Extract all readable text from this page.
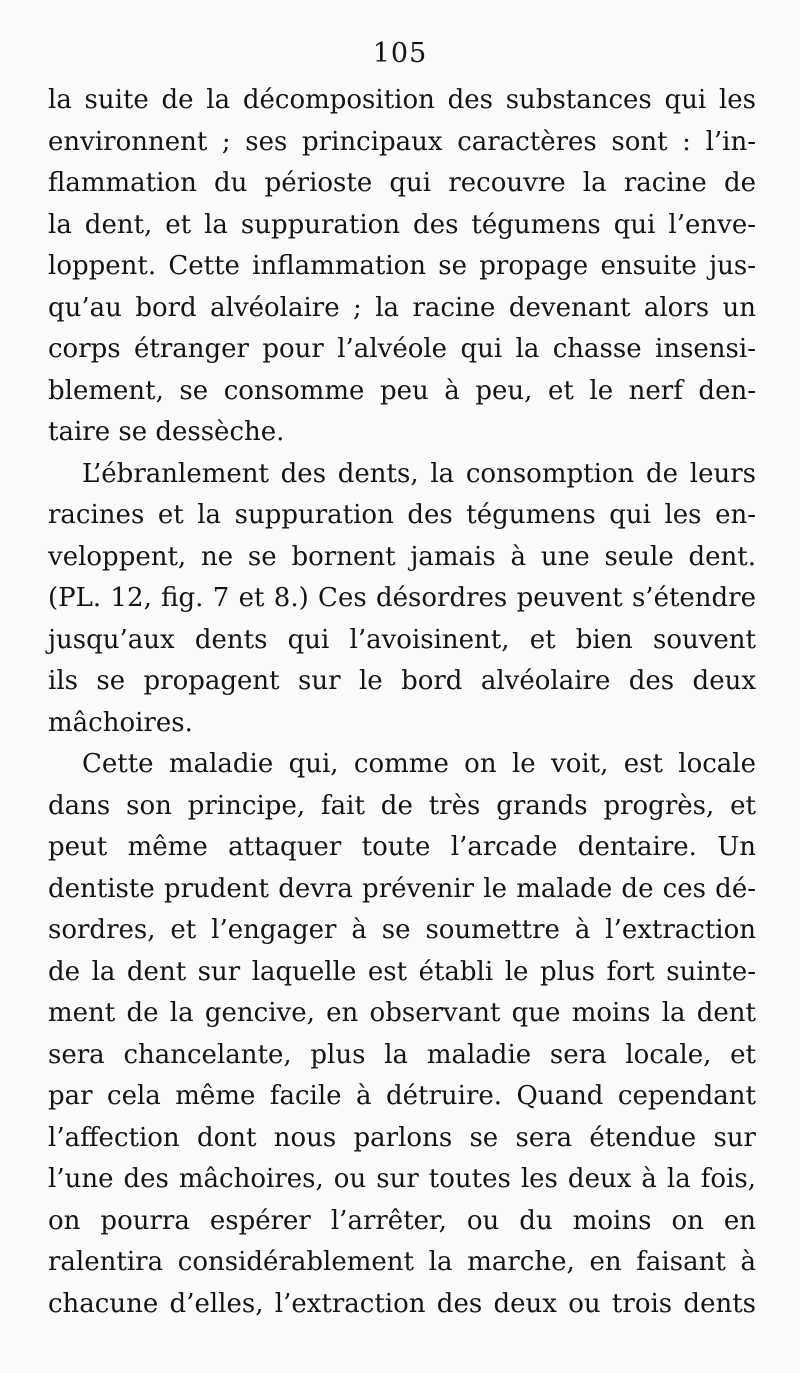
105
la suite de la décomposition des substances qui les
environnent ; ses principaux caractères sont : l’in-
flammation du périoste qui recouvre la racine de
la dent, et la suppuration des tégumens qui l’enve-
loppent. Cette inflammation se propage ensuite jus-
qu’au bord alvéolaire ; la racine devenant alors un
corps étranger pour l’alvéole qui la chasse insensi-
blement, se consomme peu à peu, et le nerf den-
taire se dessèche.
L’ébranlement des dents, la consomption de leurs
racines et la suppuration des tégumens qui les en-
veloppent, ne se bornent jamais à une seule dent.
(PL. 12, fig. 7 et 8.) Ces désordres peuvent s’étendre
jusqu’aux dents qui l’avoisinent, et bien souvent
ils se propagent sur le bord alvéolaire des deux
mâchoires.
Cette maladie qui, comme on le voit, est locale
dans son principe, fait de très grands progrès, et
peut même attaquer toute l’arcade dentaire. Un
dentiste prudent devra prévenir le malade de ces dé-
sordres, et l’engager à se soumettre à l’extraction
de la dent sur laquelle est établi le plus fort suinte-
ment de la gencive, en observant que moins la dent
sera chancelante, plus la maladie sera locale, et
par cela même facile à détruire. Quand cependant
l’affection dont nous parlons se sera étendue sur
l’une des mâchoires, ou sur toutes les deux à la fois,
on pourra espérer l’arrêter, ou du moins on en
ralentira considérablement la marche, en faisant à
chacune d’elles, l’extraction des deux ou trois dents
